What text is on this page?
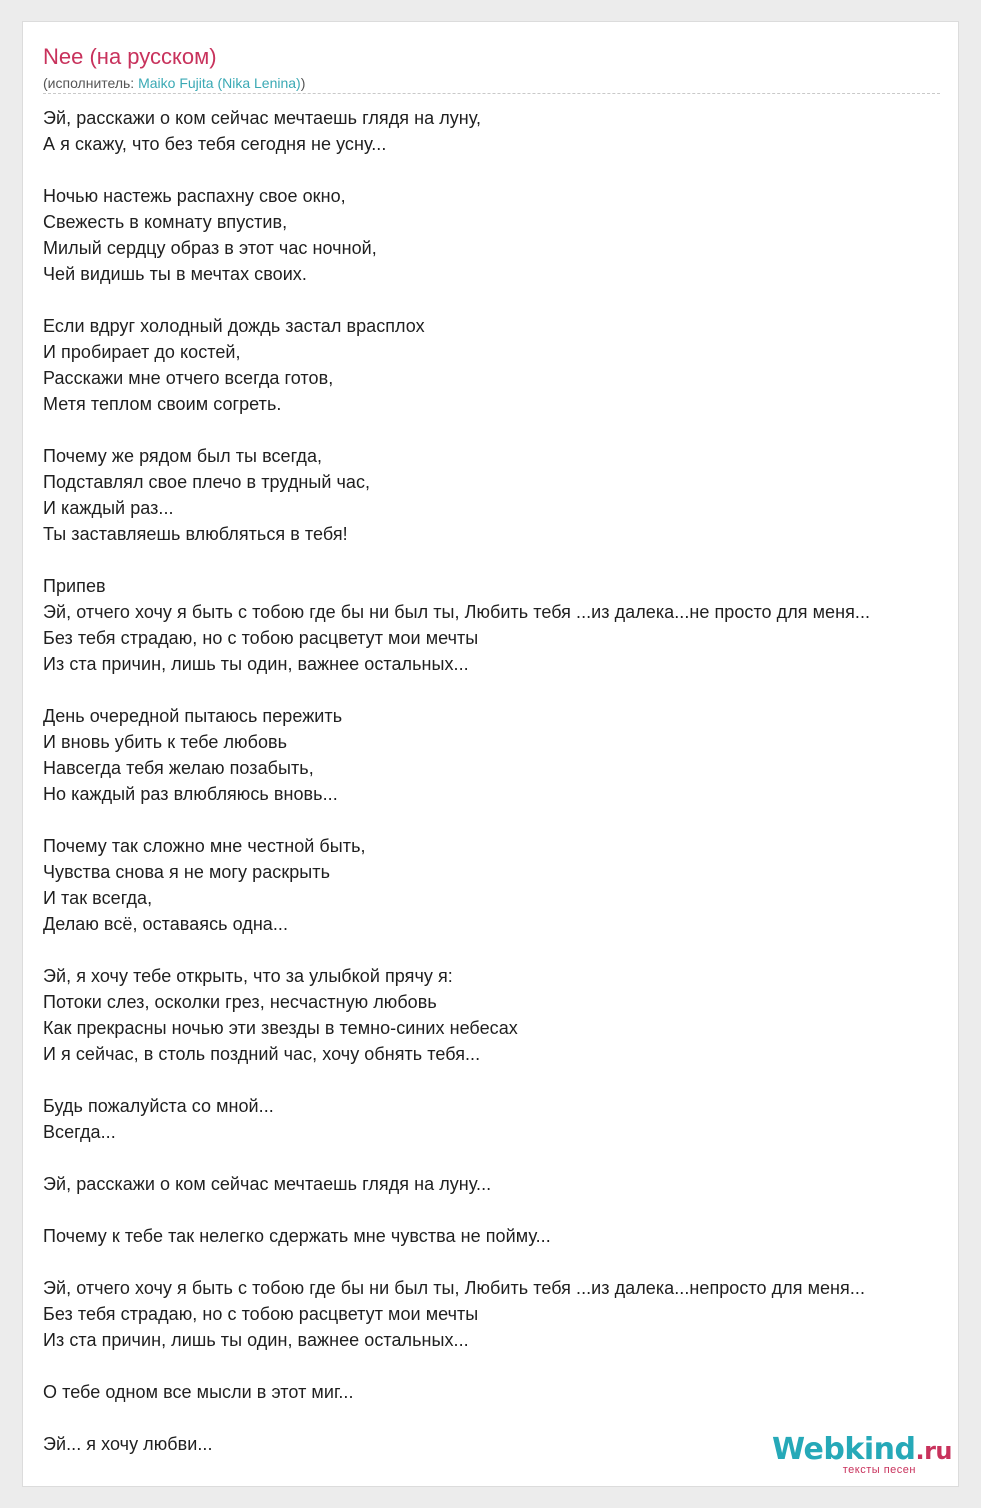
Nee (на русском)
(исполнитель: Maiko Fujita (Nika Lenina))
Эй, расскажи о ком сейчас мечтаешь глядя на луну,
А я скажу, что без тебя сегодня не усну...
Ночью настежь распахну свое окно,
Свежесть в комнату впустив,
Милый сердцу образ в этот час ночной,
Чей видишь ты в мечтах своих.
Если вдруг холодный дождь застал врасплох
И пробирает до костей,
Расскажи мне отчего всегда готов,
Метя теплом своим согреть.
Почему же рядом был ты всегда,
Подставлял свое плечо в трудный час,
И каждый раз...
Ты заставляешь влюбляться в тебя!
Припев
Эй, отчего хочу я быть с тобою где бы ни был ты, Любить тебя ...из далека...не просто для меня...
Без тебя страдаю, но с тобою расцветут мои мечты
Из ста причин, лишь ты один, важнее остальных...
День очередной пытаюсь пережить
И вновь убить к тебе любовь
Навсегда тебя желаю позабыть,
Но каждый раз влюбляюсь вновь...
Почему так сложно мне честной быть,
Чувства снова я не могу раскрыть
И так всегда,
Делаю всё, оставаясь одна...
Эй, я хочу тебе открыть, что за улыбкой прячу я:
Потоки слез, осколки грез, несчастную любовь
Как прекрасны ночью эти звезды в темно-синих небесах
И я сейчас, в столь поздний час, хочу обнять тебя...
Будь пожалуйста со мной...
Всегда...
Эй, расскажи о ком сейчас мечтаешь глядя на луну...
Почему к тебе так нелегко сдержать мне чувства не пойму...
Эй, отчего хочу я быть с тобою где бы ни был ты, Любить тебя ...из далека...непросто для меня...
Без тебя страдаю, но с тобою расцветут мои мечты
Из ста причин, лишь ты один, важнее остальных...
О тебе одном все мысли в этот миг...
Эй... я хочу любви...	Webkind.ru
тексты песен
